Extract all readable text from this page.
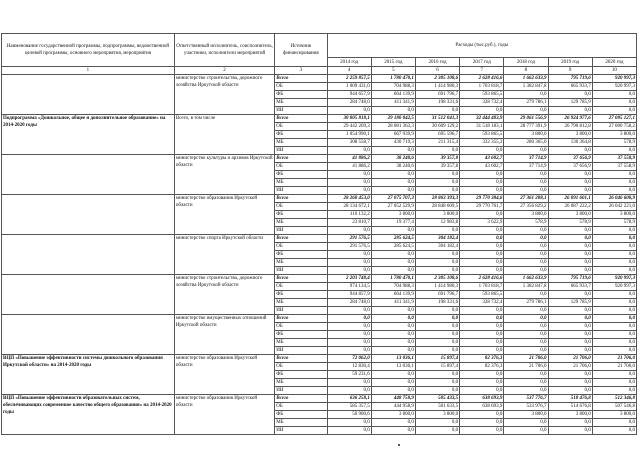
Наименование государственной программы, подпрограммы, ведомственной целевой программы, основного мероприятия, мероприятия	Ответственный исполнитель, соисполнитель, участники, исполнители мероприятий	Источник финансирования	Расходы (тыс.руб.), годы						
			2014 год	2015 год	2016 год	2017 год	2018 год	2019 год	2020 год
1	2	3	4	5	6	7	8	9	10
	министерство строительства, дорожного хозяйства Иркутской области	Всего	2 259 857,5	1 780 470,1	2 305 108,6	2 628 416,6	1 662 633,9	795 719,6	920 997,3
		ОБ	1 009 431,0	704 988,3	1 414 980,3	1 703 818,7	1 382 847,8	665 933,7	920 997,3
		ФБ	944 657,9	664 139,9	691 796,7	593 865,5	0,0	0,0	0,0
		МБ	284 748,0	411 341,9	198 331,6	328 732,4	279 786,1	129 785,9	0,0
		ИИ	0,0	0,0	0,0	0,0	0,0	0,0	0,0
Подпрограмма «Дошкольное, общее и дополнительное образование» на 2014-2020 годы	Всего, в том числе	Всего	30 805 818,1	29 180 042,5	31 512 041,3	32 444 403,9	29 061 556,9	26 924 977,6	27 085 127,1
		ОБ	29 442 269,3	28 081 363,3	30 609 129,2	31 518 183,1	28 777 391,9	26 790 812,8	27 000 758,2
		ФБ	1 054 990,1	667 939,9	695 596,7	593 865,5	3 800,0	3 800,0	3 800,0
		МБ	308 558,7	430 719,3	211 315,4	332 355,3	280 365,0	130 364,8	578,9
		ИИ	0,0	0,0	0,0	0,0	0,0	0,0	0,0
	министерство культуры и архивов Иркутской области	Всего	41 886,2	38 240,6	39 357,8	43 602,7	37 714,9	37 656,9	37 558,9
		ОБ	41 886,2	38 240,6	39 357,8	43 602,7	37 714,9	37 656,9	37 558,9
		ФБ	0,0	0,0	0,0	0,0	0,0	0,0	0,0
		МБ	0,0	0,0	0,0	0,0	0,0	0,0	0,0
		ИИ	0,0	0,0	0,0	0,0	0,0	0,0	0,0
	министерство образования Иркутской области	Всего	28 268 453,0	27 075 707,3	28 863 393,3	29 770 384,6	27 361 208,1	26 091 601,1	26 046 600,9
		ОБ	28 134 672,1	27 052 529,9	28 848 609,5	29 770 761,7	27 356 829,2	26 087 222,2	26 042 221,0
		ФБ	110 132,2	3 800,0	3 800,0	0,0	3 800,0	3 800,0	3 800,0
		МБ	23 810,7	19 377,4	12 983,8	3 622,9	578,9	578,9	578,9
		ИИ	0,0	0,0	0,0	0,0	0,0	0,0	0,0
	министерство спорта Иркутской области	Всего	291 576,5	285 624,5	304 182,4	0,0	0,0	0,0	0,0
		ОБ	291 576,5	285 624,5	304 182,4	0,0	0,0	0,0	0,0
		ФБ	0,0	0,0	0,0	0,0	0,0	0,0	0,0
		МБ	0,0	0,0	0,0	0,0	0,0	0,0	0,0
		ИИ	0,0	0,0	0,0	0,0	0,0	0,0	0,0
	министерство строительства, дорожного хозяйства Иркутской области	Всего	2 203 748,4	1 780 470,1	2 305 108,6	2 628 416,6	1 662 633,9	795 719,6	920 997,3
		ОБ	974 134,5	704 988,3	1 414 980,3	1 703 818,7	1 382 847,8	665 933,7	920 997,3
		ФБ	944 857,9	664 139,9	691 796,7	593 865,5	0,0	0,0	0,0
		МБ	284 748,0	411 341,9	198 331,6	328 732,4	279 786,1	129 785,9	0,0
		ИИ	0,0	0,0	0,0	0,0	0,0	0,0	0,0
	министерство имущественных отношений Иркутской области	Всего	0,0	0,0	0,0	0,0	0,0	0,0	0,0
		ОБ	0,0	0,0	0,0	0,0	0,0	0,0	0,0
		ФБ	0,0	0,0	0,0	0,0	0,0	0,0	0,0
		МБ	0,0	0,0	0,0	0,0	0,0	0,0	0,0
		ИИ	0,0	0,0	0,0	0,0	0,0	0,0	0,0
ВЦП «Повышение эффективности системы дошкольного образования Иркутской области» на 2014-2020 годы	министерство образования Иркутской области	Всего	72 062,0	13 036,1	15 897,4	82 376,3	21 706,0	21 706,0	21 706,0
		ОБ	12 830,4	13 036,1	15 897,4	82 376,3	21 706,0	21 706,0	21 706,0
		ФБ	59 231,6	0,0	0,0	0,0	0,0	0,0	0,0
		МБ	0,0	0,0	0,0	0,0	0,0	0,0	0,0
		ИИ	0,0	0,0	0,0	0,0	0,0	0,0	0,0
ВЦП «Повышение эффективности образовательных систем, обеспечивающих современное качество общего образования» на 2014-2020 годы	министерство образования Иркутской области	Всего	636 258,1	448 758,9	505 433,5	638 693,9	537 776,7	518 476,8	512 346,8
		ОБ	585 357,5	444 958,9	501 633,5	638 693,9	533 976,7	514 676,8	507 546,8
		ФБ	50 900,6	3 800,0	3 800,0	0,0	3 800,0	3 800,0	3 800,0
		МБ	0,0	0,0	0,0	0,0	0,0	0,0	0,0
		ИИ	0,0	0,0	0,0	0,0	0,0	0,0	0,0
